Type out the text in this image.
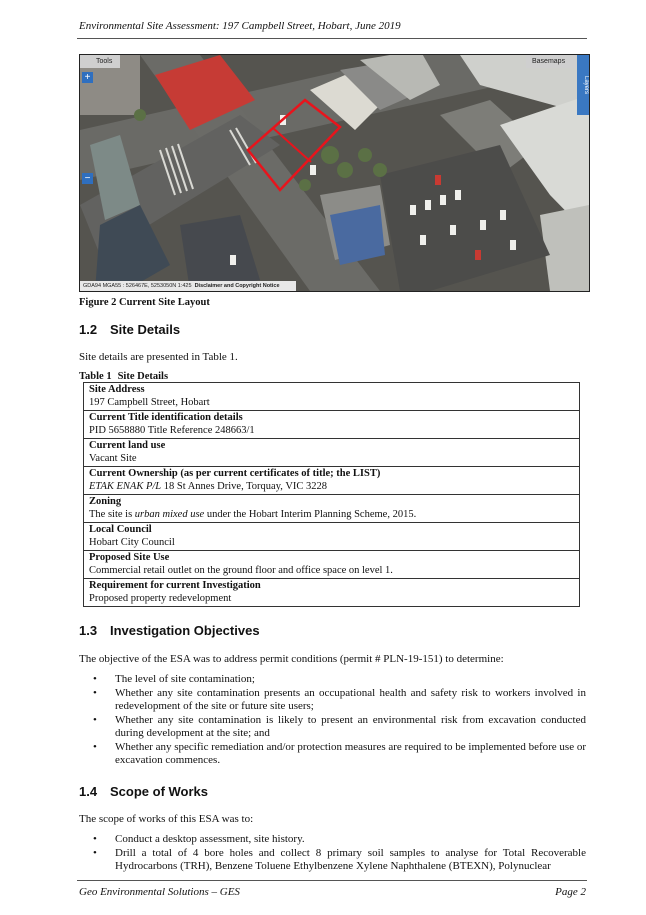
Environmental Site Assessment: 197 Campbell Street, Hobart, June 2019
Tools	Basemaps
Layers
+
−
GDA94 MGA55 : 526467E, 5253050N 1:425 Disclaimer and Copyright Notice
Figure 2 Current Site Layout
1.2 Site Details
Site details are presented in Table 1.
Table 1 Site Details
Site Address
197 Campbell Street, Hobart

Current Title identification details
PID 5658880 Title Reference 248663/1

Current land use
Vacant Site

Current Ownership (as per current certificates of title; the LIST)
ETAK ENAK P/L 18 St Annes Drive, Torquay, VIC 3228

Zoning
The site is urban mixed use under the Hobart Interim Planning Scheme, 2015.

Local Council
Hobart City Council

Proposed Site Use
Commercial retail outlet on the ground floor and office space on level 1.

Requirement for current Investigation
Proposed property redevelopment
1.3 Investigation Objectives
The objective of the ESA was to address permit conditions (permit # PLN-19-151) to determine:

• The level of site contamination;

• Whether any site contamination presents an occupational health and safety risk to workers involved in redevelopment of the site or future site users;

• Whether any site contamination is likely to present an environmental risk from excavation conducted during development at the site; and

• Whether any specific remediation and/or protection measures are required to be implemented before use or excavation commences.

1.4 Scope of Works
The scope of works of this ESA was to:

• Conduct a desktop assessment, site history.

• Drill a total of 4 bore holes and collect 8 primary soil samples to analyse for Total Recoverable Hydrocarbons (TRH), Benzene Toluene Ethylbenzene Xylene Naphthalene (BTEXN), Polynuclear

Geo Environmental Solutions – GES	Page 2
